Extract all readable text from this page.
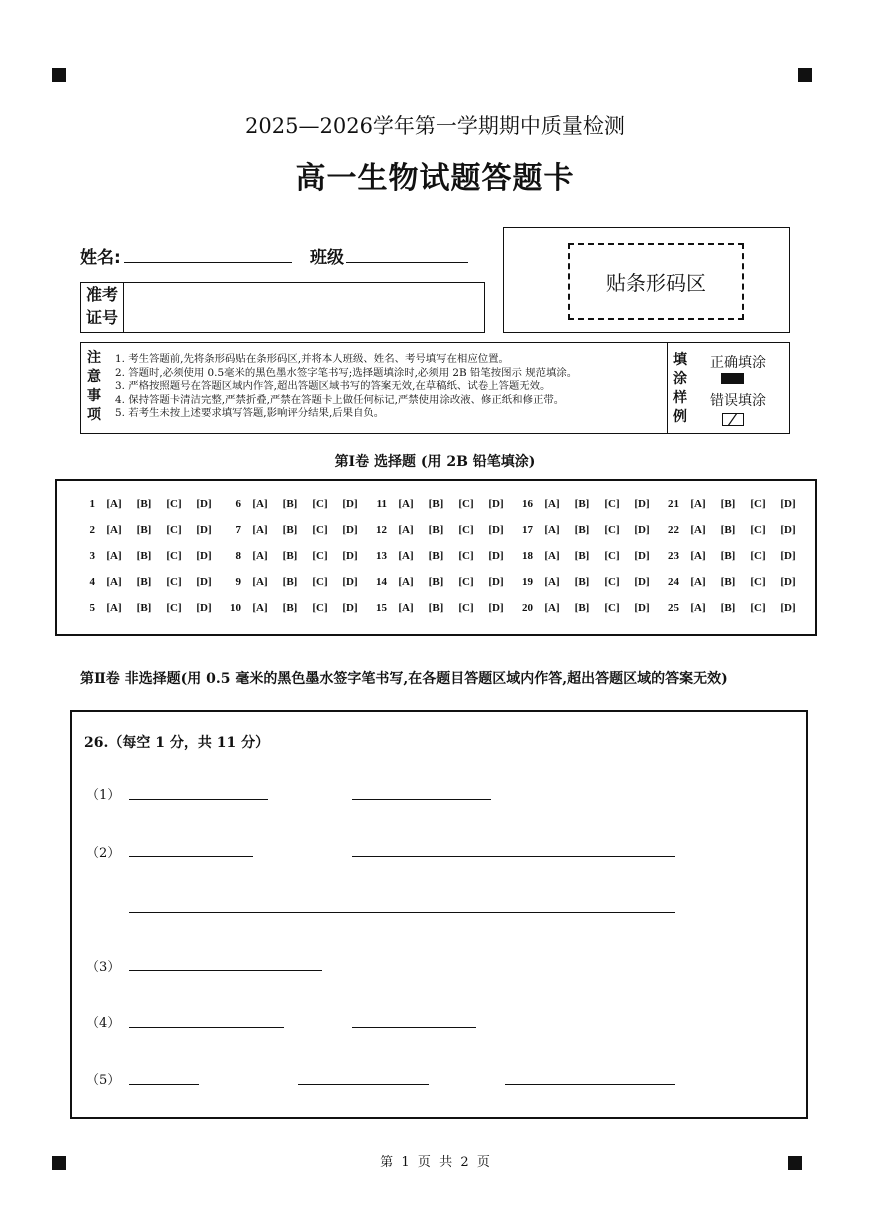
2025—2026学年第一学期期中质量检测
高一生物试题答题卡
姓名:	班级
准考
证号
贴条形码区
注
意
事
项
1. 考生答题前,先将条形码贴在条形码区,并将本人班级、姓名、考号填写在相应位置。
2. 答题时,必须使用 0.5毫米的黑色墨水签字笔书写;选择题填涂时,必须用 2B 铅笔按图示 规范填涂。
3. 严格按照题号在答题区域内作答,超出答题区域书写的答案无效,在草稿纸、试卷上答题无效。
4. 保持答题卡清洁完整,严禁折叠,严禁在答题卡上做任何标记,严禁使用涂改液、修正纸和修正带。
5. 若考生未按上述要求填写答题,影响评分结果,后果自负。
填
涂
样
例
正确填涂
错误填涂
第Ⅰ卷 选择题 (用 2B 铅笔填涂)
1	[A]	[B]	[C]	[D]	6	[A]	[B]	[C]	[D]	11	[A]	[B]	[C]	[D]	16	[A]	[B]	[C]	[D]	21	[A]	[B]	[C]	[D]
2	[A]	[B]	[C]	[D]	7	[A]	[B]	[C]	[D]	12	[A]	[B]	[C]	[D]	17	[A]	[B]	[C]	[D]	22	[A]	[B]	[C]	[D]
3	[A]	[B]	[C]	[D]	8	[A]	[B]	[C]	[D]	13	[A]	[B]	[C]	[D]	18	[A]	[B]	[C]	[D]	23	[A]	[B]	[C]	[D]
4	[A]	[B]	[C]	[D]	9	[A]	[B]	[C]	[D]	14	[A]	[B]	[C]	[D]	19	[A]	[B]	[C]	[D]	24	[A]	[B]	[C]	[D]
5	[A]	[B]	[C]	[D]	10	[A]	[B]	[C]	[D]	15	[A]	[B]	[C]	[D]	20	[A]	[B]	[C]	[D]	25	[A]	[B]	[C]	[D]
第Ⅱ卷 非选择题(用 0.5 毫米的黑色墨水签字笔书写,在各题目答题区域内作答,超出答题区域的答案无效)
26.（每空 1 分，共 11 分）
（1）
（2）
（3）
（4）
（5）
第  1  页  共  2  页
